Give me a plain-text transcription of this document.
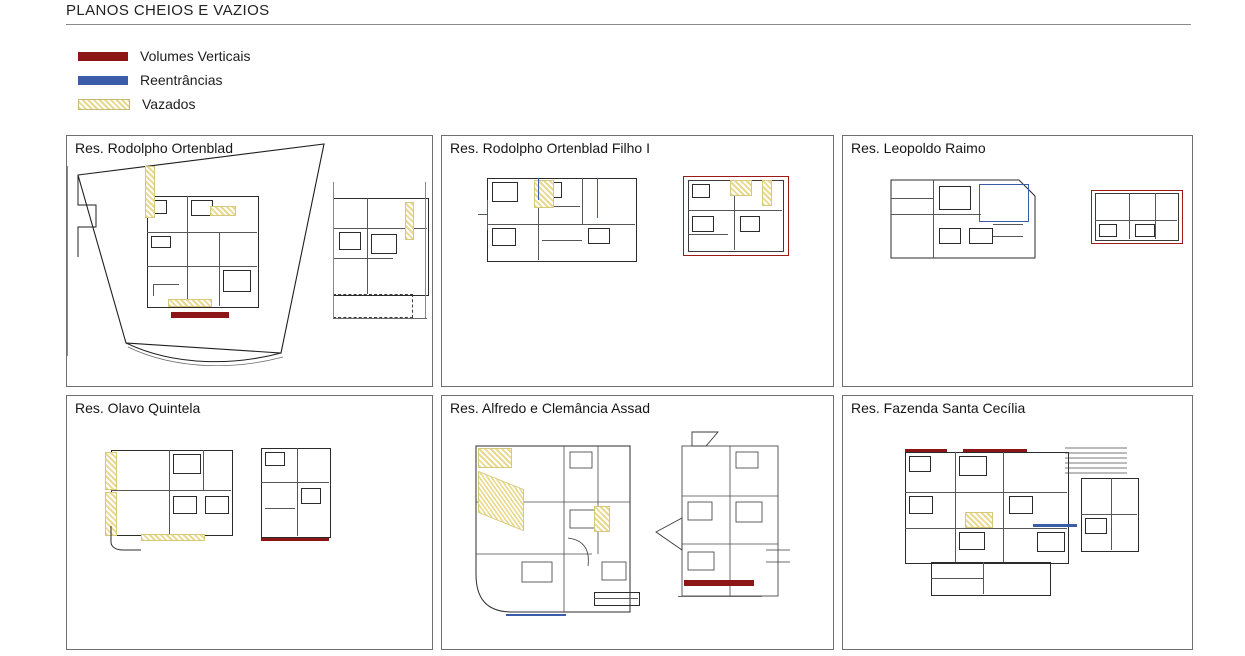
PLANOS CHEIOS E VAZIOS
Volumes Verticais
Reentrâncias
Vazados
Res. Rodolpho Ortenblad	Res. Rodolpho Ortenblad Filho I	Res. Leopoldo Raimo
Res. Olavo Quintela	Res. Alfredo e Clemância Assad	Res. Fazenda Santa Cecília
